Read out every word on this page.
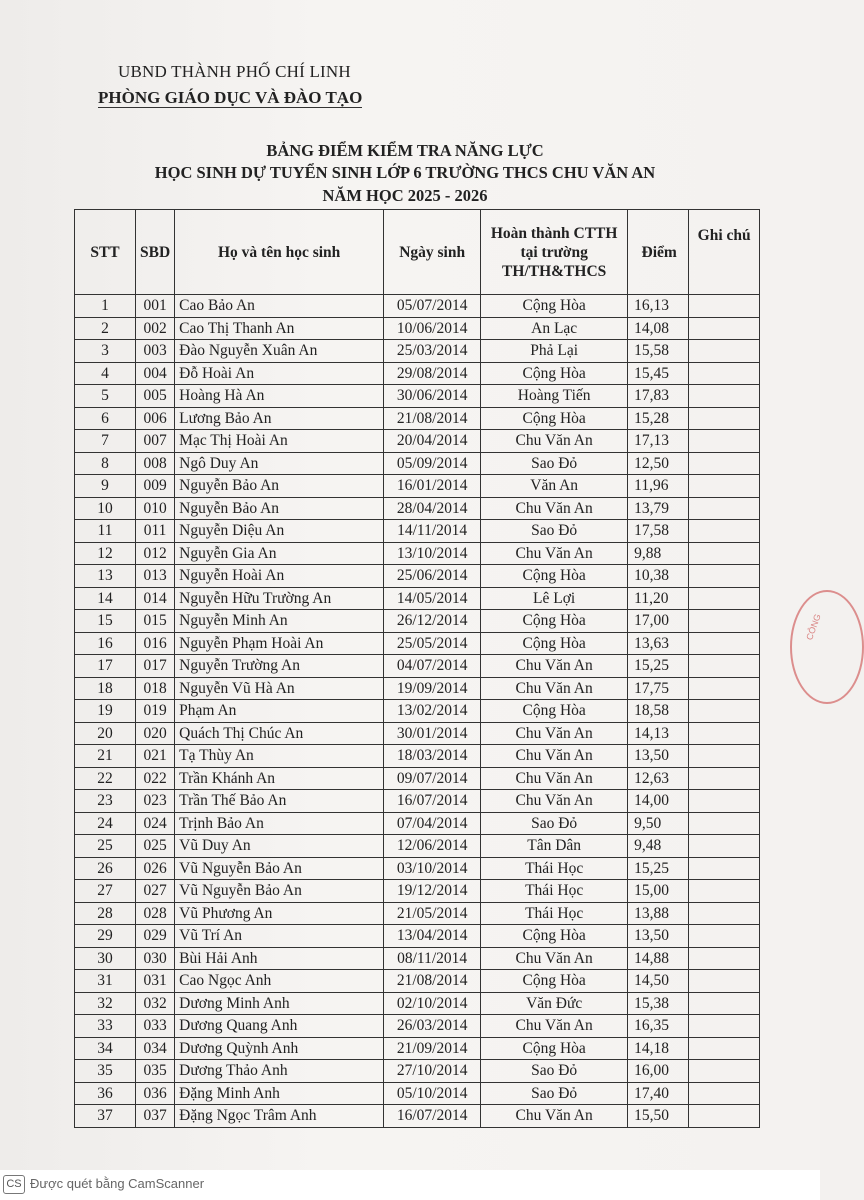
UBND THÀNH PHỐ CHÍ LINH
PHÒNG GIÁO DỤC VÀ ĐÀO TẠO
BẢNG ĐIỂM KIỂM TRA NĂNG LỰC
HỌC SINH DỰ TUYỂN SINH LỚP 6 TRƯỜNG THCS CHU VĂN AN
NĂM HỌC 2025 - 2026
STT	SBD	Họ và tên học sinh	Ngày sinh	Hoàn thành CTTH
tại trường
TH/TH&THCS	Điểm	Ghi chú
1	001	Cao Bảo An	05/07/2014	Cộng Hòa	16,13	
2	002	Cao Thị Thanh An	10/06/2014	An Lạc	14,08	
3	003	Đào Nguyễn Xuân An	25/03/2014	Phả Lại	15,58	
4	004	Đỗ Hoài An	29/08/2014	Cộng Hòa	15,45	
5	005	Hoàng Hà An	30/06/2014	Hoàng Tiến	17,83	
6	006	Lương Bảo An	21/08/2014	Cộng Hòa	15,28	
7	007	Mạc Thị Hoài An	20/04/2014	Chu Văn An	17,13	
8	008	Ngô Duy An	05/09/2014	Sao Đỏ	12,50	
9	009	Nguyễn Bảo An	16/01/2014	Văn An	11,96	
10	010	Nguyễn Bảo An	28/04/2014	Chu Văn An	13,79	
11	011	Nguyễn Diệu An	14/11/2014	Sao Đỏ	17,58	
12	012	Nguyễn Gia An	13/10/2014	Chu Văn An	9,88	
13	013	Nguyễn Hoài An	25/06/2014	Cộng Hòa	10,38	
14	014	Nguyễn Hữu Trường An	14/05/2014	Lê Lợi	11,20	
15	015	Nguyễn Minh An	26/12/2014	Cộng Hòa	17,00	
16	016	Nguyễn Phạm Hoài An	25/05/2014	Cộng Hòa	13,63	
17	017	Nguyễn Trường An	04/07/2014	Chu Văn An	15,25	
18	018	Nguyễn Vũ Hà An	19/09/2014	Chu Văn An	17,75	
19	019	Phạm An	13/02/2014	Cộng Hòa	18,58	
20	020	Quách Thị Chúc An	30/01/2014	Chu Văn An	14,13	
21	021	Tạ Thùy An	18/03/2014	Chu Văn An	13,50	
22	022	Trần Khánh An	09/07/2014	Chu Văn An	12,63	
23	023	Trần Thế Bảo An	16/07/2014	Chu Văn An	14,00	
24	024	Trịnh Bảo An	07/04/2014	Sao Đỏ	9,50	
25	025	Vũ Duy An	12/06/2014	Tân Dân	9,48	
26	026	Vũ Nguyễn Bảo An	03/10/2014	Thái Học	15,25	
27	027	Vũ Nguyễn Bảo An	19/12/2014	Thái Học	15,00	
28	028	Vũ Phương An	21/05/2014	Thái Học	13,88	
29	029	Vũ Trí An	13/04/2014	Cộng Hòa	13,50	
30	030	Bùi Hải Anh	08/11/2014	Chu Văn An	14,88	
31	031	Cao Ngọc Anh	21/08/2014	Cộng Hòa	14,50	
32	032	Dương Minh Anh	02/10/2014	Văn Đức	15,38	
33	033	Dương Quang Anh	26/03/2014	Chu Văn An	16,35	
34	034	Dương Quỳnh Anh	21/09/2014	Cộng Hòa	14,18	
35	035	Dương Thảo Anh	27/10/2014	Sao Đỏ	16,00	
36	036	Đặng Minh Anh	05/10/2014	Sao Đỏ	17,40	
37	037	Đặng Ngọc Trâm Anh	16/07/2014	Chu Văn An	15,50	
CÔNG
CS Được quét bằng CamScanner
